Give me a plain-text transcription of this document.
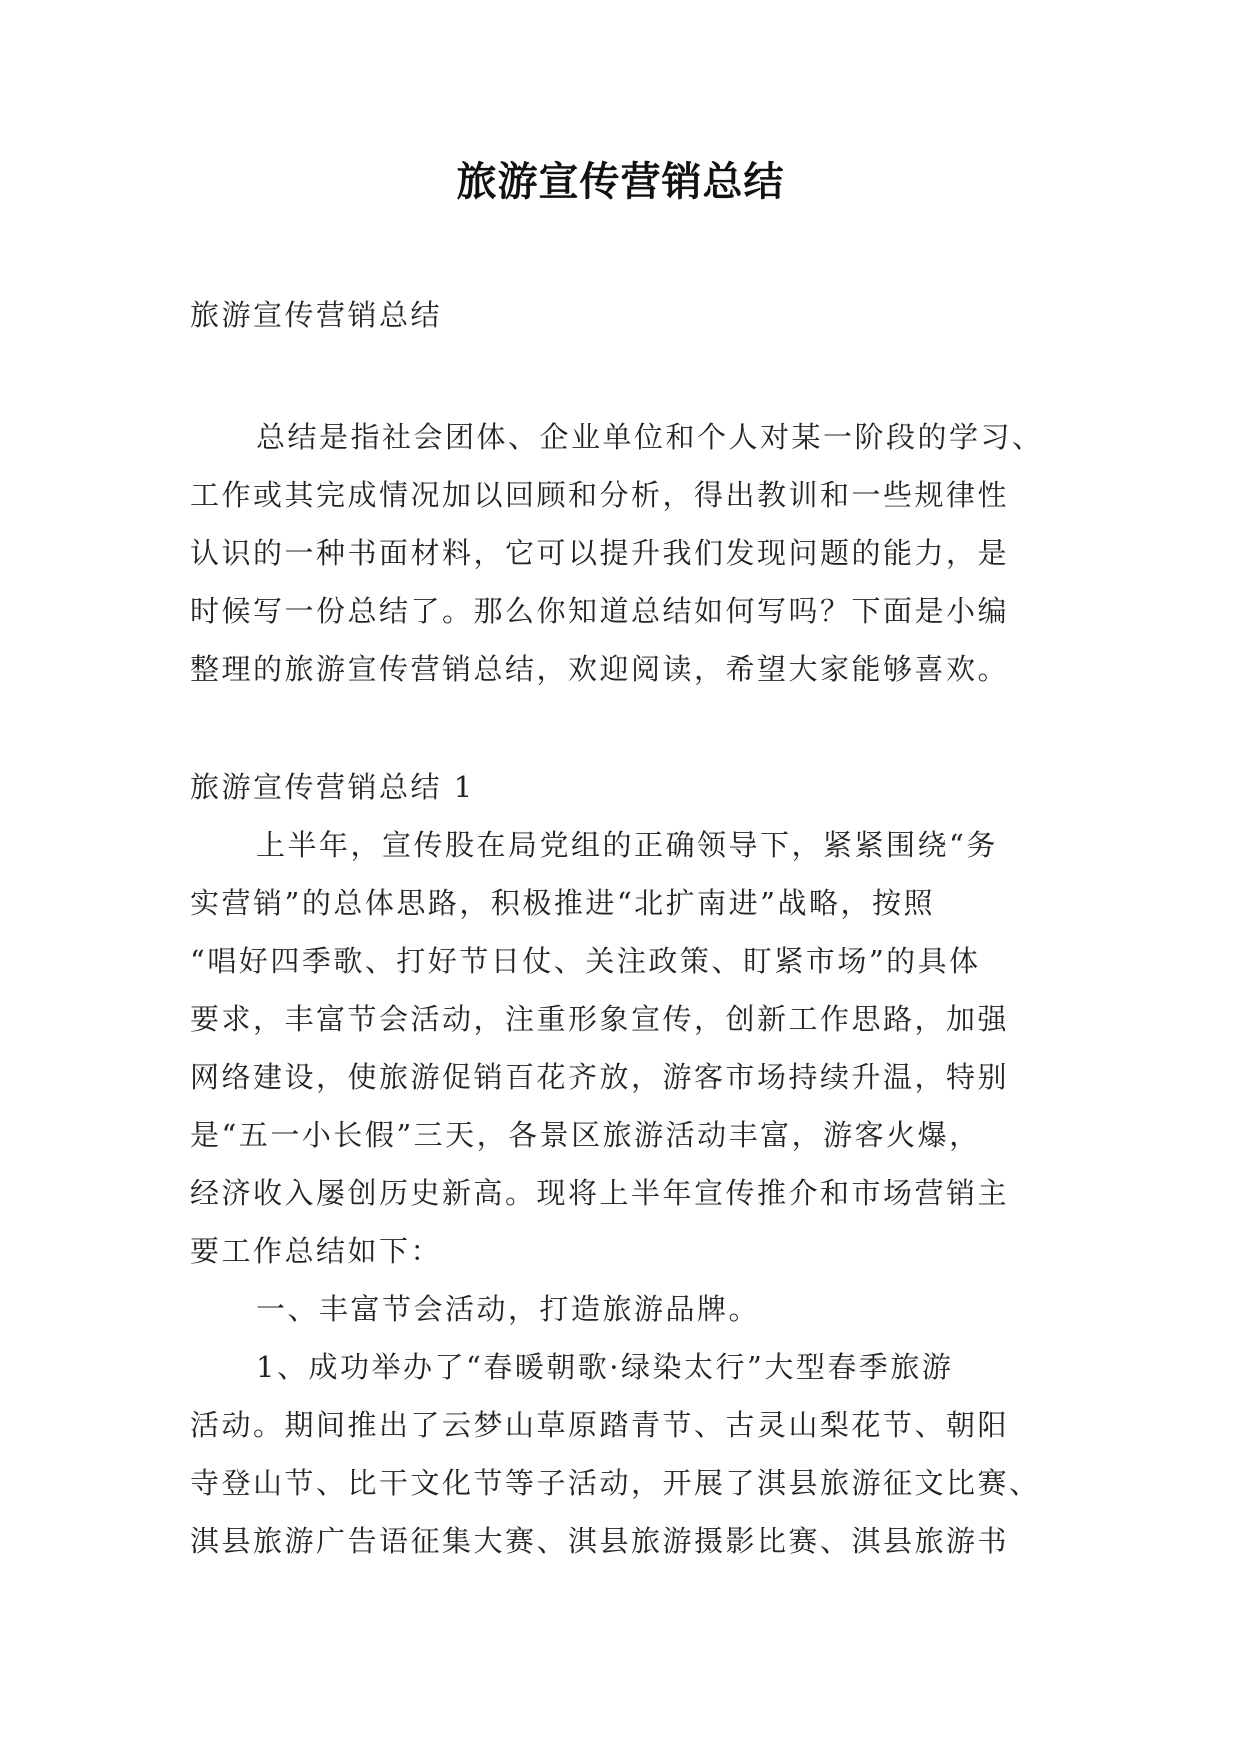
旅游宣传营销总结
旅游宣传营销总结
总结是指社会团体、企业单位和个人对某一阶段的学习、
工作或其完成情况加以回顾和分析，得出教训和一些规律性
认识的一种书面材料，它可以提升我们发现问题的能力，是
时候写一份总结了。那么你知道总结如何写吗？下面是小编
整理的旅游宣传营销总结，欢迎阅读，希望大家能够喜欢。
旅游宣传营销总结 1
上半年，宣传股在局党组的正确领导下，紧紧围绕“务
实营销”的总体思路，积极推进“北扩南进”战略，按照
“唱好四季歌、打好节日仗、关注政策、盯紧市场”的具体
要求，丰富节会活动，注重形象宣传，创新工作思路，加强
网络建设，使旅游促销百花齐放，游客市场持续升温，特别
是“五一小长假”三天，各景区旅游活动丰富，游客火爆，
经济收入屡创历史新高。现将上半年宣传推介和市场营销主
要工作总结如下：
一、丰富节会活动，打造旅游品牌。
1、成功举办了“春暖朝歌·绿染太行”大型春季旅游
活动。期间推出了云梦山草原踏青节、古灵山梨花节、朝阳
寺登山节、比干文化节等子活动，开展了淇县旅游征文比赛、
淇县旅游广告语征集大赛、淇县旅游摄影比赛、淇县旅游书
